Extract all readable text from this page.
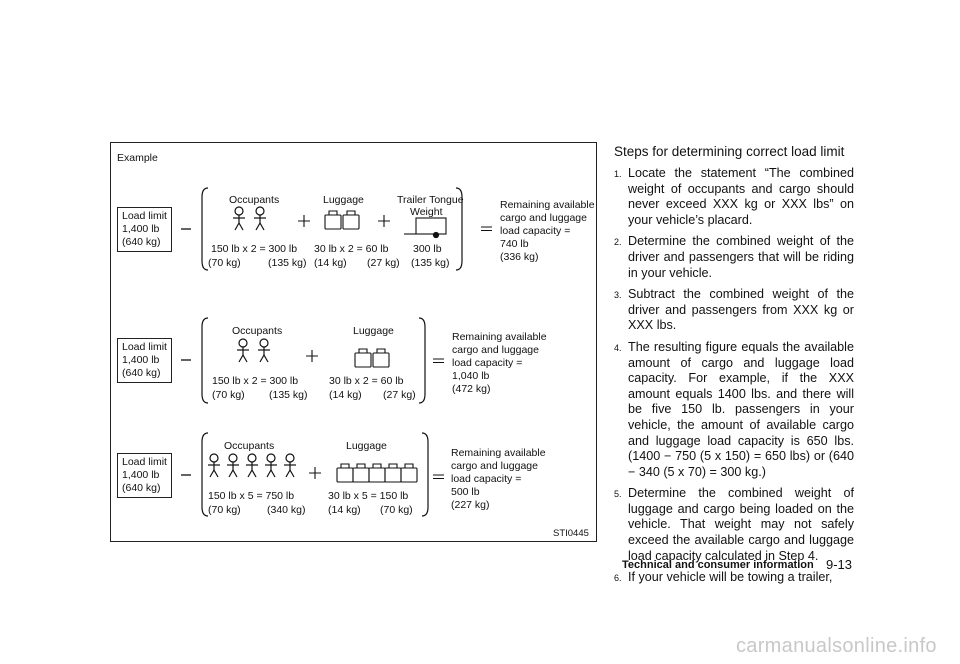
Example
Load limit
1,400 lb
(640 kg)
Occupants	Luggage	Trailer Tongue
Weight
150 lb x 2 = 300 lb
(70 kg)	(135 kg)
30 lb x 2 = 60 lb
(14 kg) (27 kg)
300 lb
(135 kg)
Remaining available
cargo and luggage
load capacity =
740 lb
(336 kg)
Load limit
1,400 lb
(640 kg)
Occupants	Luggage
150 lb x 2 = 300 lb
(70 kg) (135 kg)
30 lb x 2 = 60 lb
(14 kg) (27 kg)
Remaining available
cargo and luggage
load capacity =
1,040 lb
(472 kg)
Load limit
1,400 lb
(640 kg)
Occupants	Luggage
150 lb x 5 = 750 lb
(70 kg)	(340 kg)
30 lb x 5 = 150 lb
(14 kg) (70 kg)
Remaining available
cargo and luggage
load capacity =
500 lb
(227 kg)
STI0445
Steps for determining correct load limit
1. Locate the statement “The combined weight of occupants and cargo should never exceed XXX kg or XXX lbs” on your vehicle’s placard.
2. Determine the combined weight of the driver and passengers that will be riding in your vehicle.
3. Subtract the combined weight of the driver and passengers from XXX kg or XXX lbs.
4. The resulting figure equals the available amount of cargo and luggage load capacity. For example, if the XXX amount equals 1400 lbs. and there will be five 150 lb. passengers in your vehicle, the amount of available cargo and luggage load capacity is 650 lbs. (1400 − 750 (5 x 150) = 650 lbs) or (640 − 340 (5 x 70) = 300 kg.)
5. Determine the combined weight of luggage and cargo being loaded on the vehicle. That weight may not safely exceed the available cargo and luggage load capacity calculated in Step 4.
6. If your vehicle will be towing a trailer,
Technical and consumer information 9-13
carmanualsonline.info
